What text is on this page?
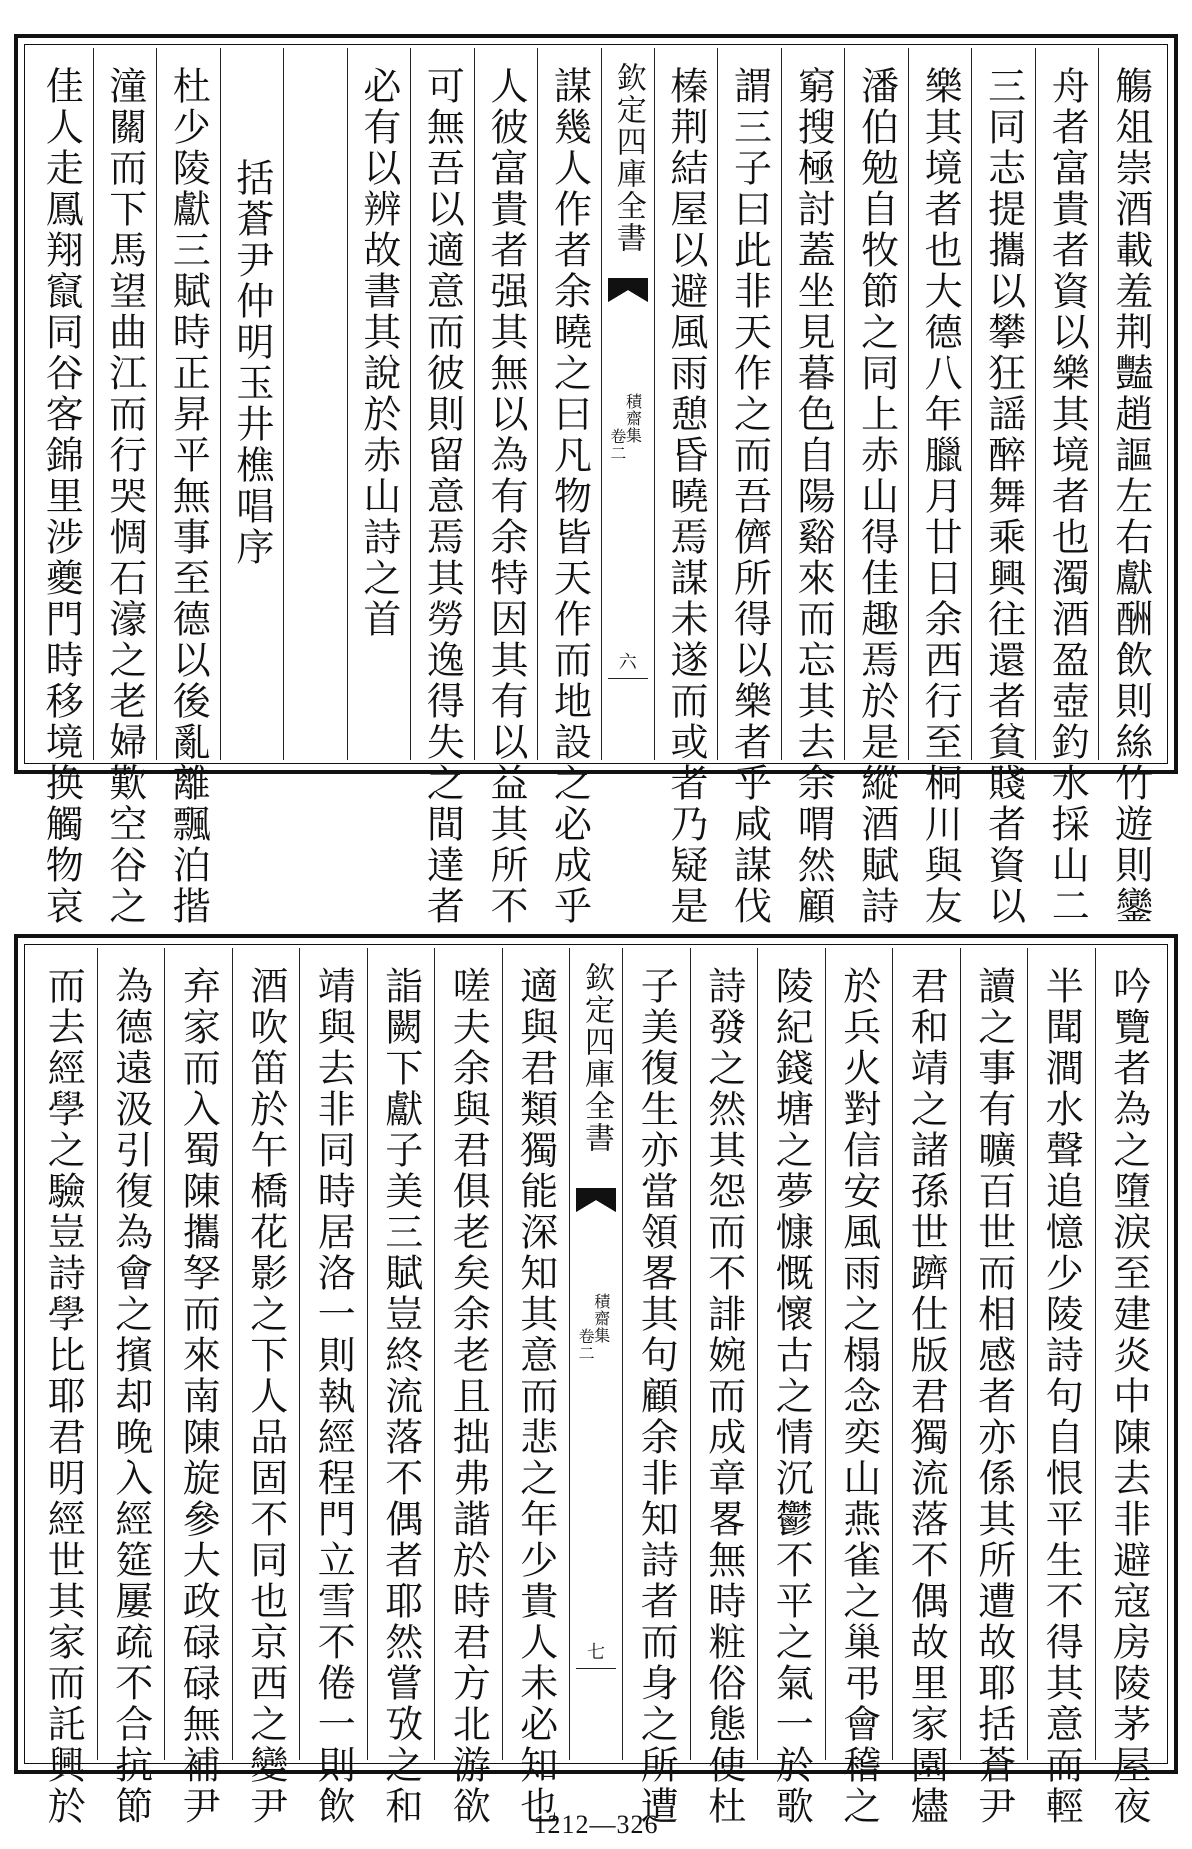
觴俎崇酒載羞荆豔趙謳左右獻酬飲則絲竹遊則鑾
舟者富貴者資以樂其境者也濁酒盈壺釣水採山二
三同志提攜以攀狂謡醉舞乘興往還者貧賤者資以
樂其境者也大德八年臘月廿日余西行至桐川與友
潘伯勉自牧節之同上赤山得佳趣焉於是縱酒賦詩
窮搜極討蓋坐見暮色自陽谿來而忘其去余喟然顧
謂三子曰此非天作之而吾儕所得以樂者乎咸謀伐
榛荆結屋以避風雨憩昏曉焉謀未遂而或者乃疑是
欽定四庫全書
積齋集
卷二
六
謀幾人作者余曉之曰凡物皆天作而地設之必成乎
人彼富貴者强其無以為有余特因其有以益其所不
可無吾以適意而彼則留意焉其勞逸得失之間達者
必有以辨故書其說於赤山詩之首
括蒼尹仲明玉井樵唱序
杜少陵獻三賦時正昇平無事至德以後亂離飄泊揩
潼關而下馬望曲江而行哭惆石濠之老婦歎空谷之
佳人走鳳翔竄同谷客錦里涉夔門時移境换觸物哀
吟覽者為之墮淚至建炎中陳去非避寇房陵茅屋夜
半聞澗水聲追憶少陵詩句自恨平生不得其意而輕
讀之事有曠百世而相感者亦係其所遭故耶括蒼尹
君和靖之諸孫世躋仕版君獨流落不偶故里家園燼
於兵火對信安風雨之榻念奕山燕雀之巢弔會稽之
陵紀錢塘之夢慷慨懷古之情沉鬱不平之氣一於歌
詩發之然其怨而不誹婉而成章畧無時粧俗態使杜
子美復生亦當領畧其句顧余非知詩者而身之所遭
欽定四庫全書
積齋集
卷二
七
適與君類獨能深知其意而悲之年少貴人未必知也
嗟夫余與君俱老矣余老且拙弗諧於時君方北游欲
詣闕下獻子美三賦豈終流落不偶者耶然嘗攷之和
靖與去非同時居洛一則執經程門立雪不倦一則飲
酒吹笛於午橋花影之下人品固不同也京西之變尹
弃家而入蜀陳攜孥而來南陳旋參大政碌碌無補尹
為德遠汲引復為會之擯却晚入經筵屢疏不合抗節
而去經學之驗豈詩學比耶君明經世其家而託興於	1212—326
